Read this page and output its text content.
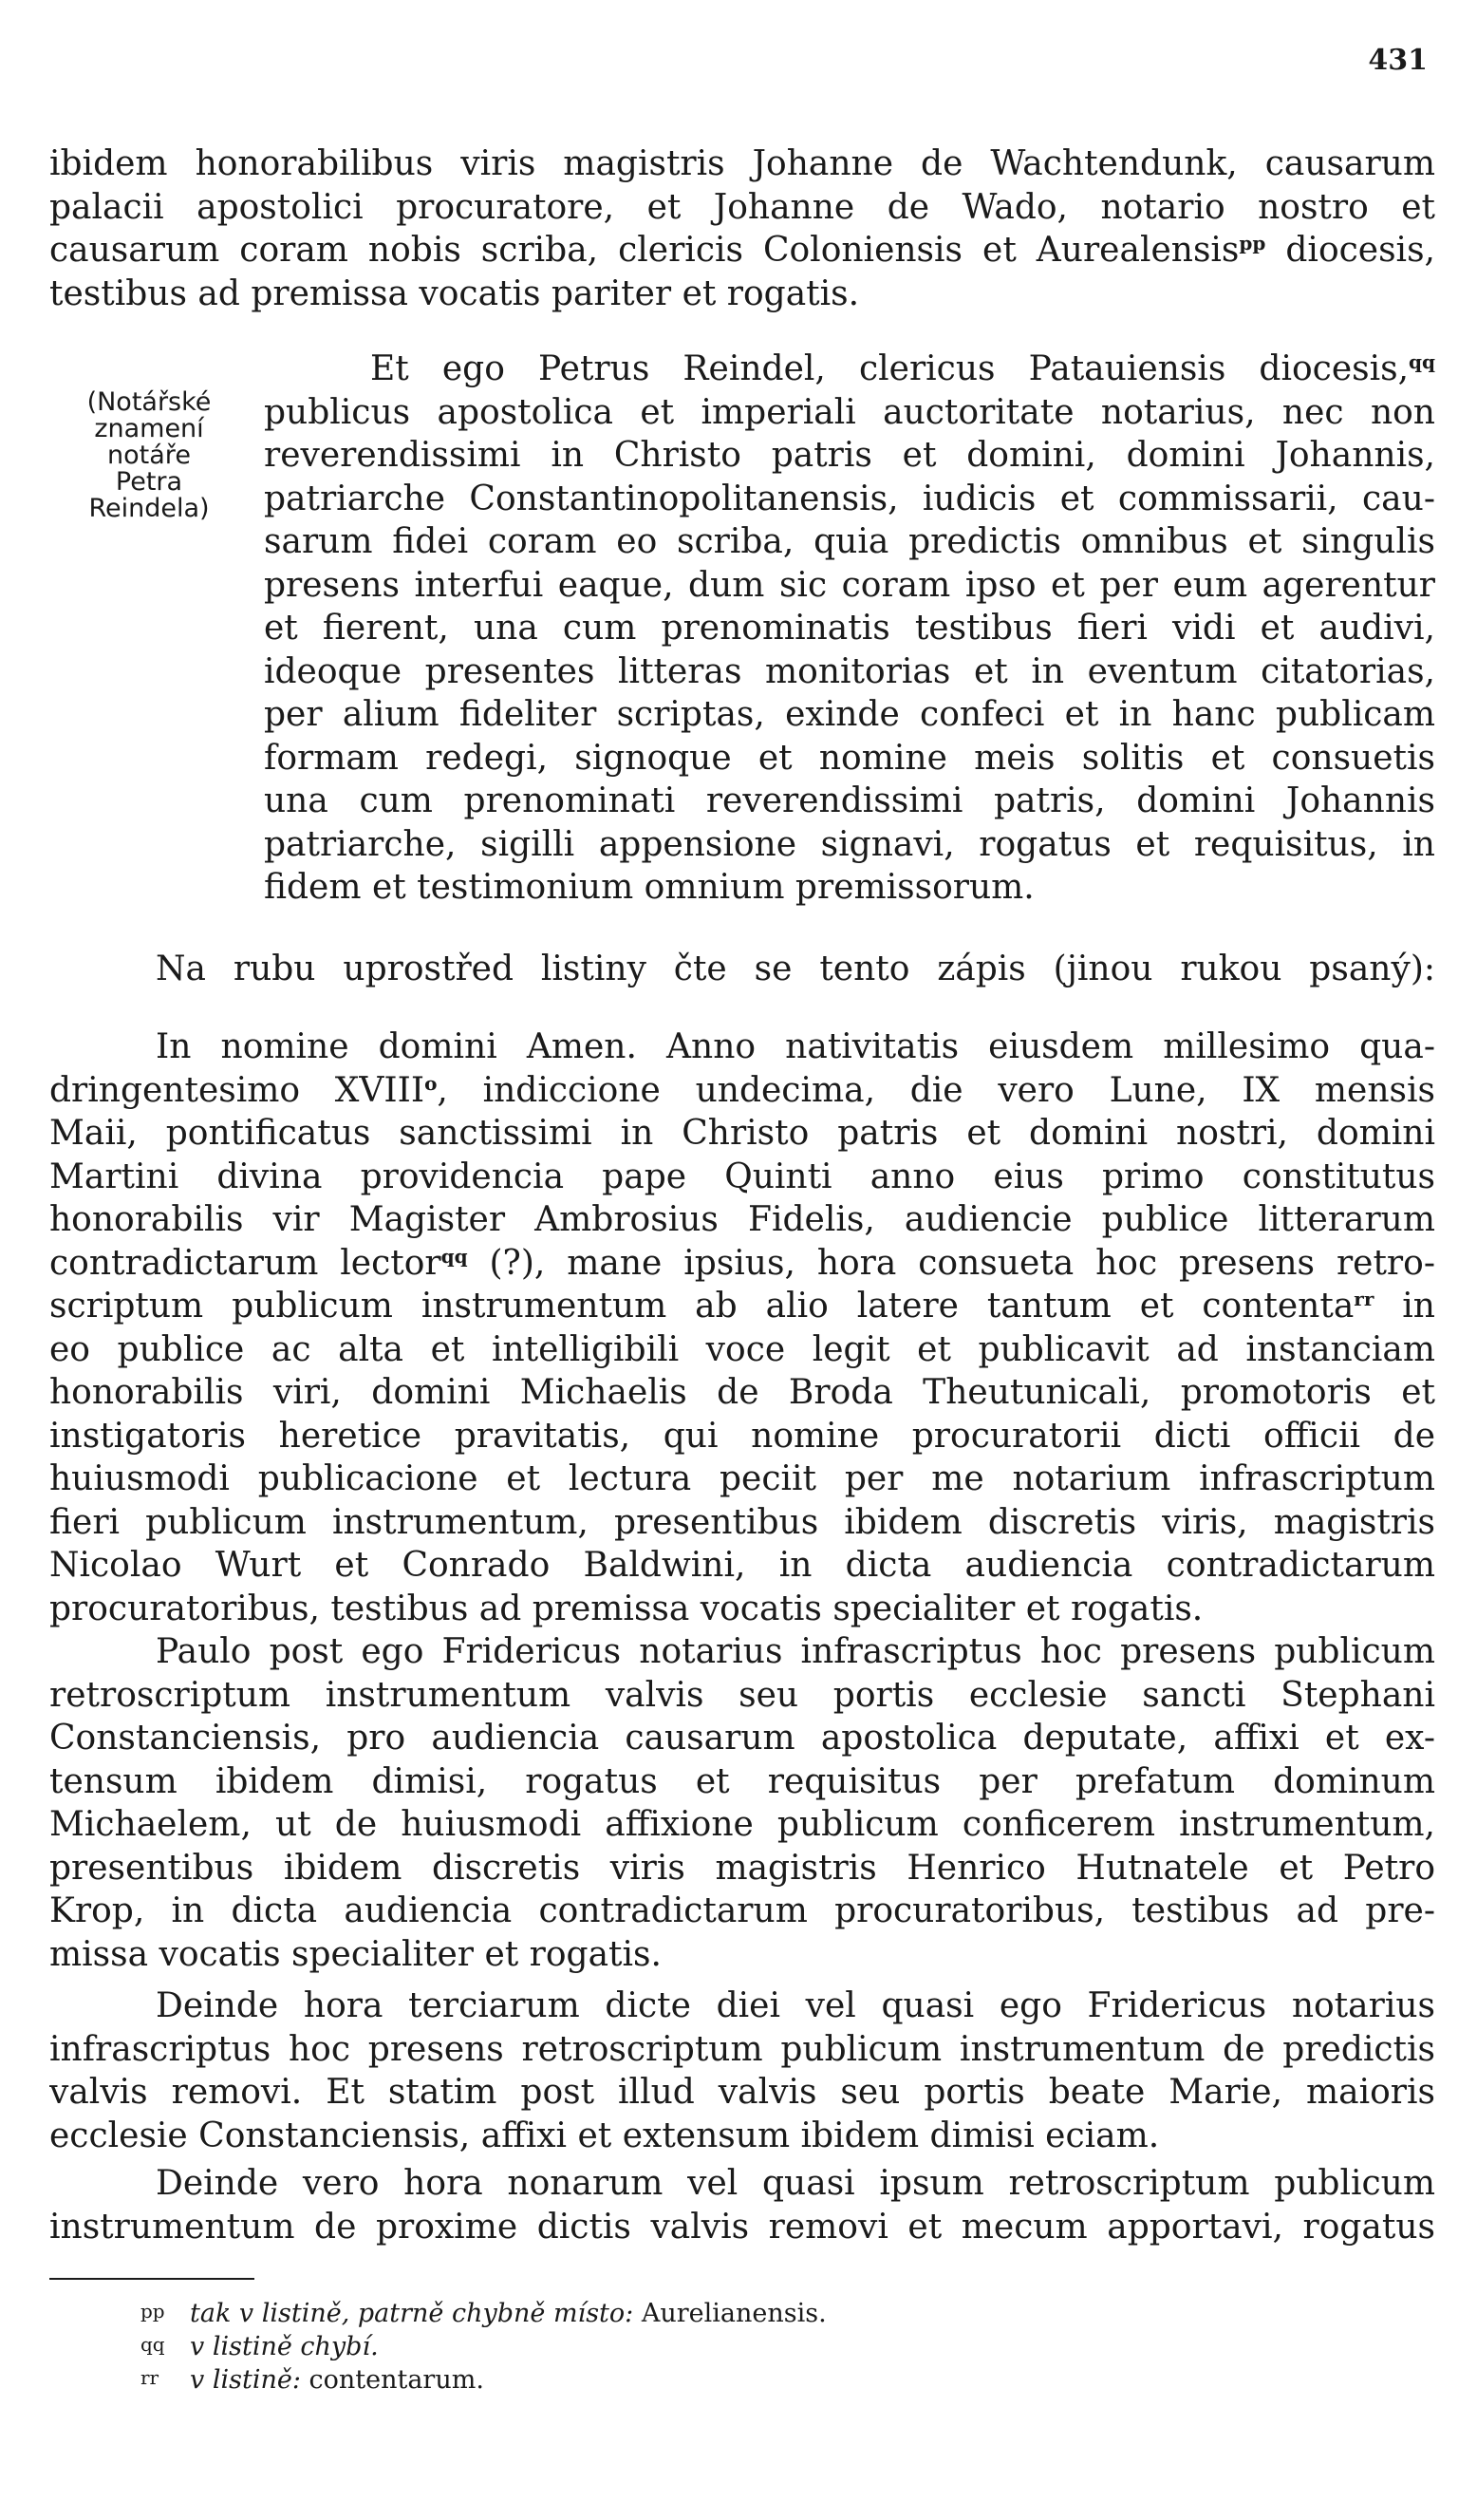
431
ibidem honorabilibus viris magistris Johanne de Wachtendunk, causarum
palacii apostolici procuratore, et Johanne de Wado, notario nostro et
causarum coram nobis scriba, clericis Coloniensis et Aurealensis$^{pp}$ diocesis,
testibus ad premissa vocatis pariter et rogatis.
(Notářské
znamení
notáře
Petra
Reindela)
Et ego Petrus Reindel, clericus Patauiensis diocesis,$^{qq}$
publicus apostolica et imperiali auctoritate notarius, nec non
reverendissimi in Christo patris et domini, domini Johannis,
patriarche Constantinopolitanensis, iudicis et commissarii, cau-
sarum fidei coram eo scriba, quia predictis omnibus et singulis
presens interfui eaque, dum sic coram ipso et per eum agerentur
et fierent, una cum prenominatis testibus fieri vidi et audivi,
ideoque presentes litteras monitorias et in eventum citatorias,
per alium fideliter scriptas, exinde confeci et in hanc publicam
formam redegi, signoque et nomine meis solitis et consuetis
una cum prenominati reverendissimi patris, domini Johannis
patriarche, sigilli appensione signavi, rogatus et requisitus, in
fidem et testimonium omnium premissorum.
Na rubu uprostřed listiny čte se tento zápis (jinou rukou psaný):
In nomine domini Amen. Anno nativitatis eiusdem millesimo qua-
dringentesimo XVIII$^o$, indiccione undecima, die vero Lune, IX mensis
Maii, pontificatus sanctissimi in Christo patris et domini nostri, domini
Martini divina providencia pape Quinti anno eius primo constitutus
honorabilis vir Magister Ambrosius Fidelis, audiencie publice litterarum
contradictarum lector$^{qq}$ (?), mane ipsius, hora consueta hoc presens retro-
scriptum publicum instrumentum ab alio latere tantum et contenta$^{rr}$ in
eo publice ac alta et intelligibili voce legit et publicavit ad instanciam
honorabilis viri, domini Michaelis de Broda Theutunicali, promotoris et
instigatoris heretice pravitatis, qui nomine procuratorii dicti officii de
huiusmodi publicacione et lectura peciit per me notarium infrascriptum
fieri publicum instrumentum, presentibus ibidem discretis viris, magistris
Nicolao Wurt et Conrado Baldwini, in dicta audiencia contradictarum
procuratoribus, testibus ad premissa vocatis specialiter et rogatis.
Paulo post ego Fridericus notarius infrascriptus hoc presens publicum
retroscriptum instrumentum valvis seu portis ecclesie sancti Stephani
Constanciensis, pro audiencia causarum apostolica deputate, affixi et ex-
tensum ibidem dimisi, rogatus et requisitus per prefatum dominum
Michaelem, ut de huiusmodi affixione publicum conficerem instrumentum,
presentibus ibidem discretis viris magistris Henrico Hutnatele et Petro
Krop, in dicta audiencia contradictarum procuratoribus, testibus ad pre-
missa vocatis specialiter et rogatis.
Deinde hora terciarum dicte diei vel quasi ego Fridericus notarius
infrascriptus hoc presens retroscriptum publicum instrumentum de predictis
valvis removi. Et statim post illud valvis seu portis beate Marie, maioris
ecclesie Constanciensis, affixi et extensum ibidem dimisi eciam.
Deinde vero hora nonarum vel quasi ipsum retroscriptum publicum
instrumentum de proxime dictis valvis removi et mecum apportavi, rogatus
pp tak v listině, patrně chybně místo: Aurelianensis.
qq v listině chybí.
rr v listině: contentarum.
